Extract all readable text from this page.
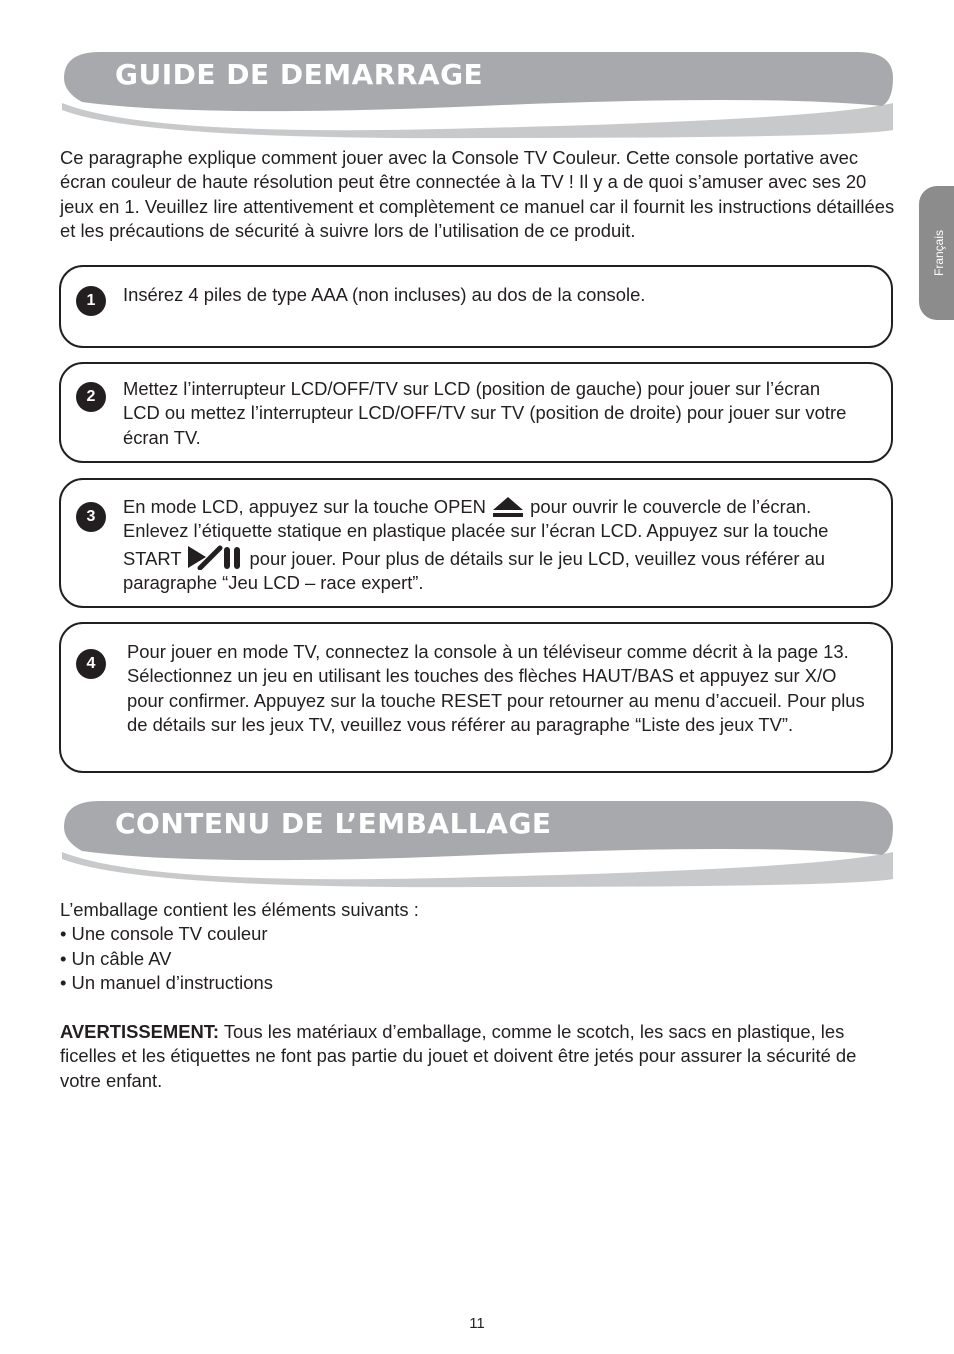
Français
GUIDE DE DEMARRAGE

Ce paragraphe explique comment jouer avec la Console TV Couleur. Cette console portative avec écran couleur de haute résolution peut être connectée à la TV ! Il y a de quoi s’amuser avec ses 20 jeux en 1. Veuillez lire attentivement et complètement ce manuel car il fournit les instructions détaillées et les précautions de sécurité à suivre lors de l’utilisation de ce produit.

1	Insérez 4 piles de type AAA (non incluses) au dos de la console.

2	Mettez l’interrupteur LCD/OFF/TV sur LCD (position de gauche) pour jouer sur l’écran LCD ou mettez l’interrupteur LCD/OFF/TV sur TV (position de droite) pour jouer sur votre écran TV.

3	En mode LCD, appuyez sur la touche OPEN pour ouvrir le couvercle de l’écran. Enlevez l’étiquette statique en plastique placée sur l’écran LCD. Appuyez sur la touche START	pour jouer. Pour plus de détails sur le jeu LCD, veuillez vous référer au paragraphe “Jeu LCD – race expert”.

4

Pour jouer en mode TV, connectez la console à un téléviseur comme décrit à la page 13. Sélectionnez un jeu en utilisant les touches des flèches HAUT/BAS et appuyez sur X/O pour confirmer. Appuyez sur la touche RESET pour retourner au menu d’accueil. Pour plus de détails sur les jeux TV, veuillez vous référer au paragraphe “Liste des jeux TV”.

CONTENU DE L’EMBALLAGE
L’emballage contient les éléments suivants :
• Une console TV couleur
• Un câble AV
• Un manuel d’instructions

AVERTISSEMENT: Tous les matériaux d’emballage, comme le scotch, les sacs en plastique, les ficelles et les étiquettes ne font pas partie du jouet et doivent être jetés pour assurer la sécurité de votre enfant.

11
